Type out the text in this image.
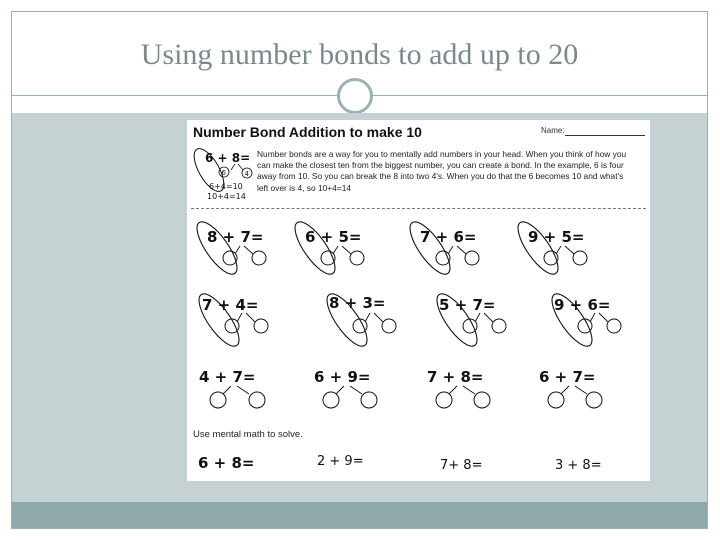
Using number bonds to add up to 20
Number Bond Addition to make 10	Name:
Number bonds are a way for you to mentally add numbers in your head. When you think of how you can make the closest ten from the biggest number, you can create a bond. In the example, 6 is four away from 10. So you can break the 8 into two 4's. When you do that the 6 becomes 10 and what's left over is 4, so 10+4=14
Use mental math to solve.
6 + 8=
6	4
6+4=10
10+4=14
8 + 7=	6 + 5=	7 + 6=	9 + 5=
7 + 4=	8 + 3=	5 + 7=	9 + 6=
4 + 7=	6 + 9=	7 + 8=	6 + 7=
6 + 8=	2 + 9=	7+ 8=	3 + 8=
